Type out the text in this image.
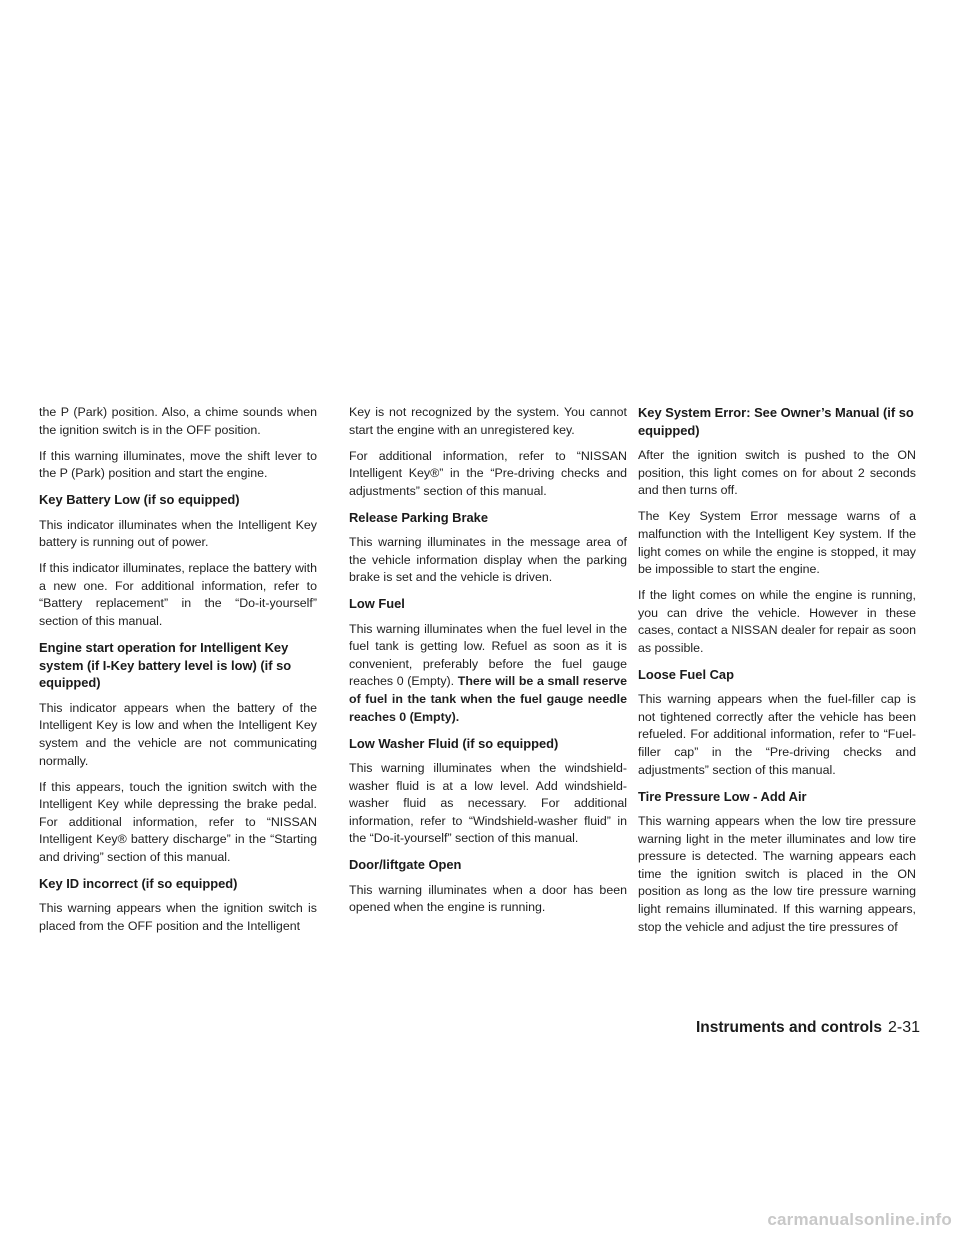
the P (Park) position. Also, a chime sounds when the ignition switch is in the OFF position.

If this warning illuminates, move the shift lever to the P (Park) position and start the engine.

Key Battery Low (if so equipped)

This indicator illuminates when the Intelligent Key battery is running out of power.

If this indicator illuminates, replace the battery with a new one. For additional information, refer to “Battery replacement” in the “Do-it-yourself” section of this manual.

Engine start operation for Intelligent Key system (if I-Key battery level is low) (if so equipped)

This indicator appears when the battery of the Intelligent Key is low and when the Intelligent Key system and the vehicle are not communicating normally.

If this appears, touch the ignition switch with the Intelligent Key while depressing the brake pedal. For additional information, refer to “NISSAN Intelligent Key® battery discharge” in the “Starting and driving” section of this manual.

Key ID incorrect (if so equipped)

This warning appears when the ignition switch is placed from the OFF position and the Intelligent

Key is not recognized by the system. You cannot start the engine with an unregistered key.

For additional information, refer to “NISSAN Intelligent Key®” in the “Pre-driving checks and adjustments” section of this manual.

Release Parking Brake

This warning illuminates in the message area of the vehicle information display when the parking brake is set and the vehicle is driven.

Low Fuel

This warning illuminates when the fuel level in the fuel tank is getting low. Refuel as soon as it is convenient, preferably before the fuel gauge reaches 0 (Empty). There will be a small reserve of fuel in the tank when the fuel gauge needle reaches 0 (Empty).

Low Washer Fluid (if so equipped)

This warning illuminates when the windshield-washer fluid is at a low level. Add windshield-washer fluid as necessary. For additional information, refer to “Windshield-washer fluid” in the “Do-it-yourself” section of this manual.

Door/liftgate Open

This warning illuminates when a door has been opened when the engine is running.

Key System Error: See Owner’s Manual (if so equipped)

After the ignition switch is pushed to the ON position, this light comes on for about 2 seconds and then turns off.

The Key System Error message warns of a malfunction with the Intelligent Key system. If the light comes on while the engine is stopped, it may be impossible to start the engine.

If the light comes on while the engine is running, you can drive the vehicle. However in these cases, contact a NISSAN dealer for repair as soon as possible.

Loose Fuel Cap

This warning appears when the fuel-filler cap is not tightened correctly after the vehicle has been refueled. For additional information, refer to “Fuel-filler cap” in the “Pre-driving checks and adjustments” section of this manual.

Tire Pressure Low - Add Air

This warning appears when the low tire pressure warning light in the meter illuminates and low tire pressure is detected. The warning appears each time the ignition switch is placed in the ON position as long as the low tire pressure warning light remains illuminated. If this warning appears, stop the vehicle and adjust the tire pressures of

Instruments and controls 2-31
carmanualsonline.info
